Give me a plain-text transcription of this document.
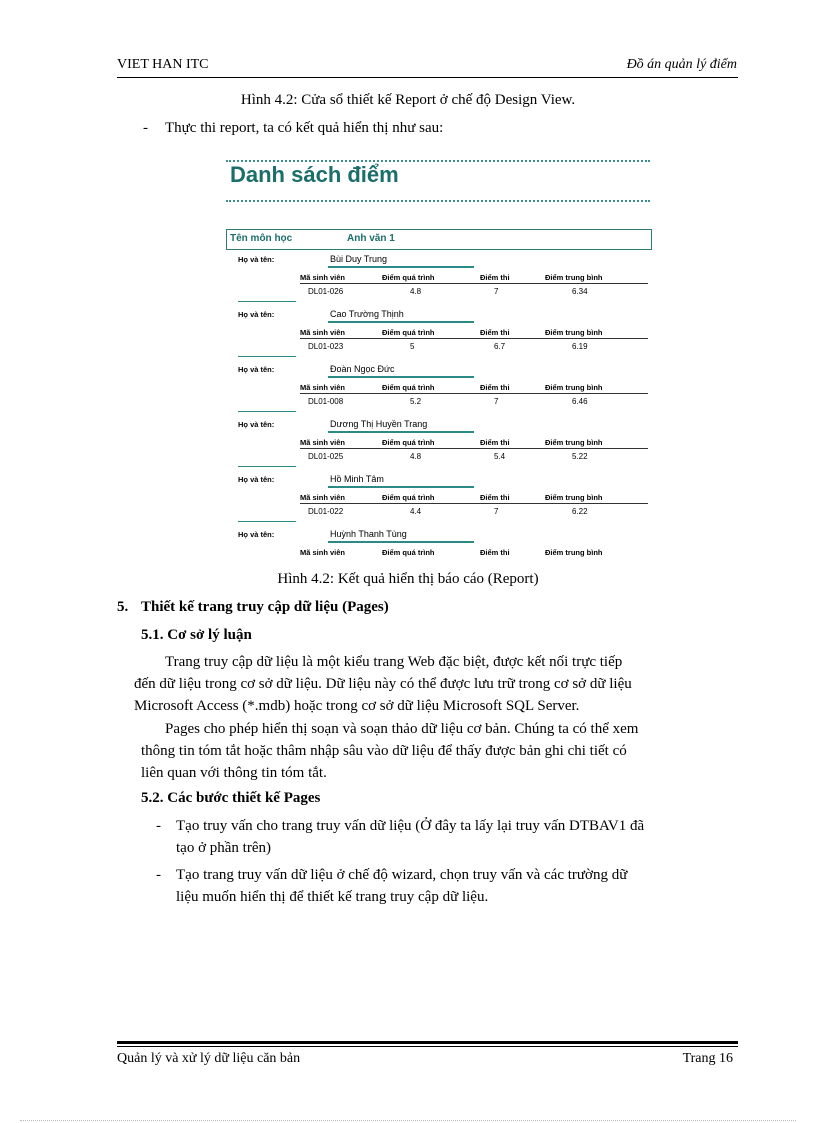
VIET HAN ITC	Đồ án quản lý điểm
Hình 4.2: Cửa sổ thiết kế Report ở chế độ Design View.
- Thực thi report, ta có kết quả hiển thị như sau:
Danh sách điểm
Tên môn học	Anh văn 1
Họ và tên:	Bùi Duy Trung
Mã sinh viên	Điểm quá trình	Điểm thi	Điểm trung bình
DL01-026	4.8	7	6.34
Họ và tên:	Cao Trường Thịnh
Mã sinh viên	Điểm quá trình	Điểm thi	Điểm trung bình
DL01-023	5	6.7	6.19
Họ và tên:	Đoàn Ngọc Đức
Mã sinh viên	Điểm quá trình	Điểm thi	Điểm trung bình
DL01-008	5.2	7	6.46
Họ và tên:	Dương Thị Huyền Trang
Mã sinh viên	Điểm quá trình	Điểm thi	Điểm trung bình
DL01-025	4.8	5.4	5.22
Họ và tên:	Hồ Minh Tâm
Mã sinh viên	Điểm quá trình	Điểm thi	Điểm trung bình
DL01-022	4.4	7	6.22
Họ và tên:	Huỳnh Thanh Tùng
Mã sinh viên	Điểm quá trình	Điểm thi	Điểm trung bình
Hình 4.2: Kết quả hiển thị báo cáo (Report)
5. Thiết kế trang truy cập dữ liệu (Pages)
5.1. Cơ sở lý luận
Trang truy cập dữ liệu là một kiểu trang Web đặc biệt, được kết nối trực tiếp
đến dữ liệu trong cơ sở dữ liệu. Dữ liệu này có thể được lưu trữ trong cơ sở dữ liệu
Microsoft Access (*.mdb) hoặc trong cơ sở dữ liệu Microsoft SQL Server.
Pages cho phép hiển thị soạn và soạn thảo dữ liệu cơ bản. Chúng ta có thể xem
thông tin tóm tắt hoặc thâm nhập sâu vào dữ liệu để thấy được bản ghi chi tiết có
liên quan với thông tin tóm tắt.
5.2. Các bước thiết kế Pages
- Tạo truy vấn cho trang truy vấn dữ liệu (Ở đây ta lấy lại truy vấn DTBAV1 đã
tạo ở phần trên)
- Tạo trang truy vấn dữ liệu ở chế độ wizard, chọn truy vấn và các trường dữ
liệu muốn hiển thị để thiết kế trang truy cập dữ liệu.
Quản lý và xử lý dữ liệu căn bản	Trang 16
